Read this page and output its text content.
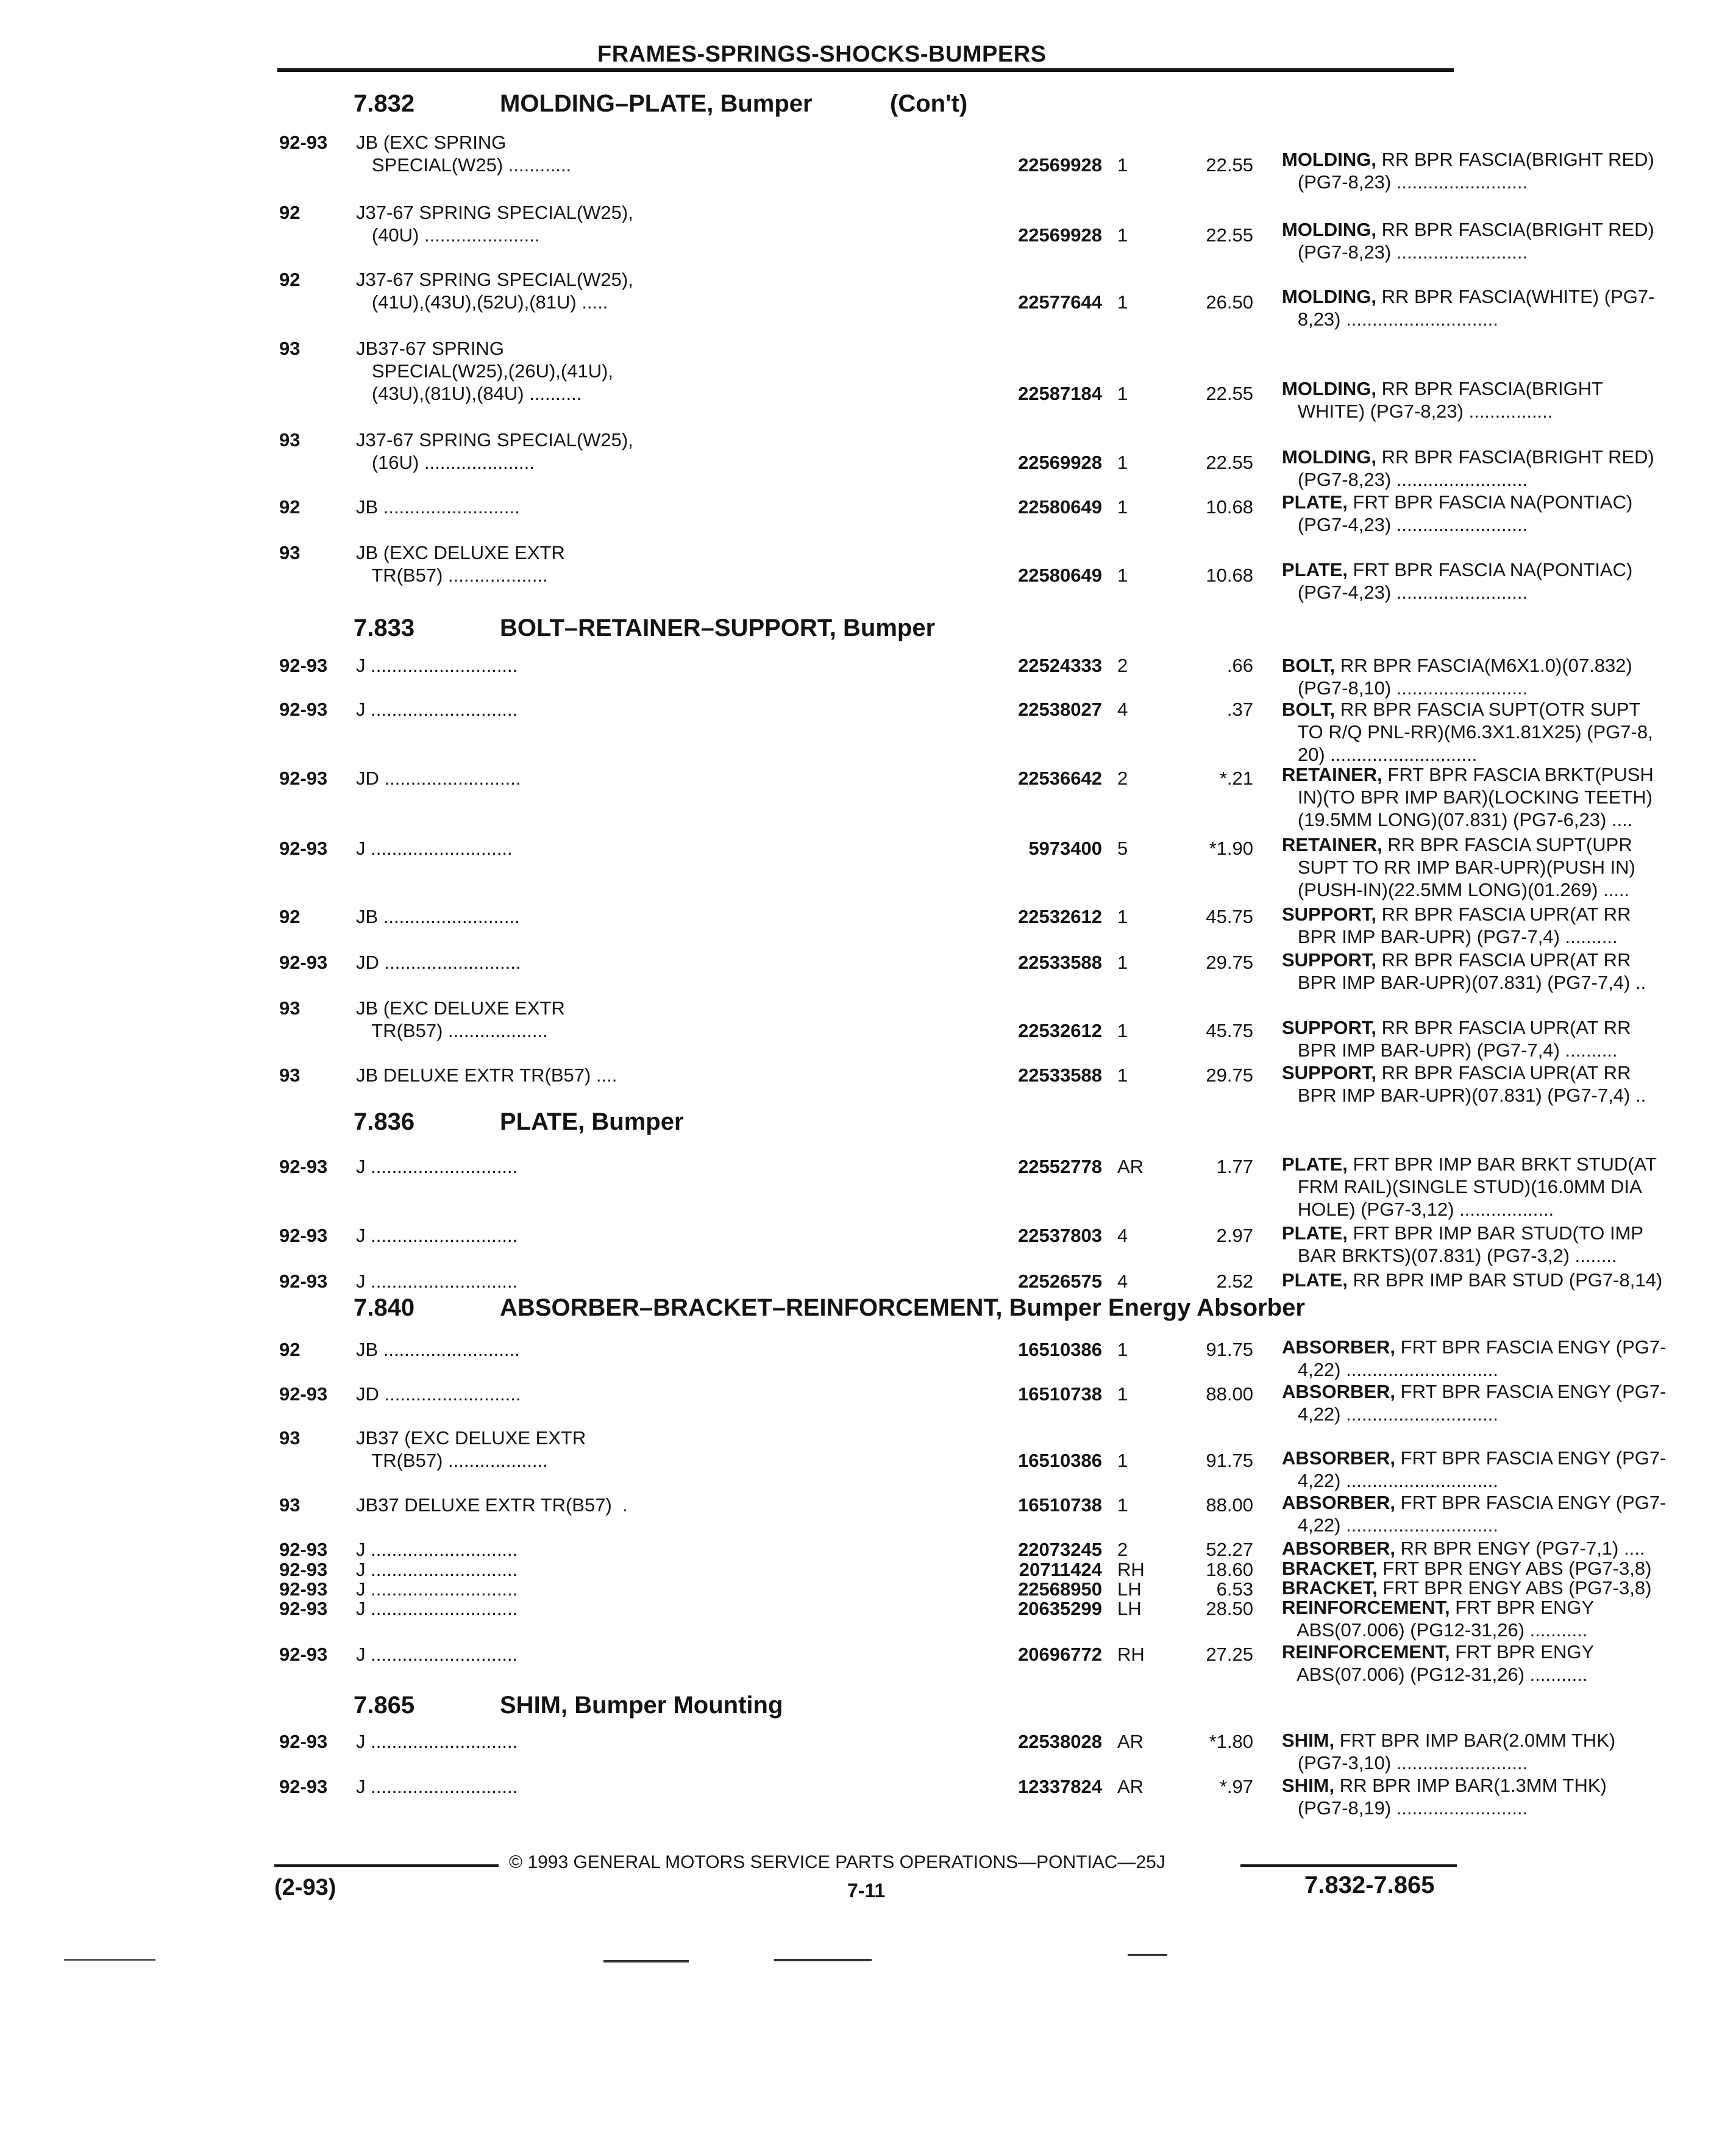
FRAMES-SPRINGS-SHOCKS-BUMPERS
7.832	MOLDING–PLATE, Bumper	(Con't)
7.833	BOLT–RETAINER–SUPPORT, Bumper
7.836	PLATE, Bumper
7.840	ABSORBER–BRACKET–REINFORCEMENT, Bumper Energy Absorber
7.865	SHIM, Bumper Mounting
92-93	JB (EXC SPRING
SPECIAL(W25) ............	22569928 1	22.55 MOLDING, RR BPR FASCIA(BRIGHT RED)
(PG7-8,23) .........................
92	J37-67 SPRING SPECIAL(W25),
(40U) ......................	22569928 1	22.55 MOLDING, RR BPR FASCIA(BRIGHT RED)
(PG7-8,23) .........................
92	J37-67 SPRING SPECIAL(W25),
(41U),(43U),(52U),(81U) .....	22577644 1	26.50 MOLDING, RR BPR FASCIA(WHITE) (PG7-
8,23) .............................
93	JB37-67 SPRING
SPECIAL(W25),(26U),(41U),
(43U),(81U),(84U) ..........	22587184 1	22.55 MOLDING, RR BPR FASCIA(BRIGHT
WHITE) (PG7-8,23) ................
93	J37-67 SPRING SPECIAL(W25),
(16U) .....................	22569928 1	22.55 MOLDING, RR BPR FASCIA(BRIGHT RED)
(PG7-8,23) .........................
92	JB ..........................	22580649 1	10.68 PLATE, FRT BPR FASCIA NA(PONTIAC)
(PG7-4,23) .........................
93	JB (EXC DELUXE EXTR
TR(B57) ...................	22580649 1	10.68 PLATE, FRT BPR FASCIA NA(PONTIAC)
(PG7-4,23) .........................
92-93	J ............................	22524333 2	.66 BOLT, RR BPR FASCIA(M6X1.0)(07.832)
(PG7-8,10) .........................
92-93	J ............................	22538027 4	.37 BOLT, RR BPR FASCIA SUPT(OTR SUPT
TO R/Q PNL-RR)(M6.3X1.81X25) (PG7-8,
20) ............................
92-93	JD ..........................	22536642 2	*.21 RETAINER, FRT BPR FASCIA BRKT(PUSH
IN)(TO BPR IMP BAR)(LOCKING TEETH)
(19.5MM LONG)(07.831) (PG7-6,23) ....
92-93	J ...........................	5973400 5	*1.90 RETAINER, RR BPR FASCIA SUPT(UPR
SUPT TO RR IMP BAR-UPR)(PUSH IN)
(PUSH-IN)(22.5MM LONG)(01.269) .....
92	JB ..........................	22532612 1	45.75 SUPPORT, RR BPR FASCIA UPR(AT RR
BPR IMP BAR-UPR) (PG7-7,4) ..........
92-93	JD ..........................	22533588 1	29.75 SUPPORT, RR BPR FASCIA UPR(AT RR
BPR IMP BAR-UPR)(07.831) (PG7-7,4) ..
93	JB (EXC DELUXE EXTR
TR(B57) ...................	22532612 1	45.75 SUPPORT, RR BPR FASCIA UPR(AT RR
BPR IMP BAR-UPR) (PG7-7,4) ..........
93	JB DELUXE EXTR TR(B57) ....	22533588 1	29.75 SUPPORT, RR BPR FASCIA UPR(AT RR
BPR IMP BAR-UPR)(07.831) (PG7-7,4) ..
92-93	J ............................	22552778 AR	1.77 PLATE, FRT BPR IMP BAR BRKT STUD(AT
FRM RAIL)(SINGLE STUD)(16.0MM DIA
HOLE) (PG7-3,12) ..................
92-93	J ............................	22537803 4	2.97 PLATE, FRT BPR IMP BAR STUD(TO IMP
BAR BRKTS)(07.831) (PG7-3,2) ........
92-93	J ............................	22526575 4	2.52 PLATE, RR BPR IMP BAR STUD (PG7-8,14)
92	JB ..........................	16510386 1	91.75 ABSORBER, FRT BPR FASCIA ENGY (PG7-
4,22) .............................
92-93	JD ..........................	16510738 1	88.00 ABSORBER, FRT BPR FASCIA ENGY (PG7-
4,22) .............................
93	JB37 (EXC DELUXE EXTR
TR(B57) ...................	16510386 1	91.75 ABSORBER, FRT BPR FASCIA ENGY (PG7-
4,22) .............................
93	JB37 DELUXE EXTR TR(B57)  .	16510738 1	88.00 ABSORBER, FRT BPR FASCIA ENGY (PG7-
4,22) .............................
92-93	J ............................	22073245 2	52.27 ABSORBER, RR BPR ENGY (PG7-7,1) ....
92-93	J ............................	20711424 RH	18.60 BRACKET, FRT BPR ENGY ABS (PG7-3,8)
92-93	J ............................	22568950 LH	6.53 BRACKET, FRT BPR ENGY ABS (PG7-3,8)
92-93	J ............................	20635299 LH	28.50 REINFORCEMENT, FRT BPR ENGY
ABS(07.006) (PG12-31,26) ...........
92-93	J ............................	20696772 RH	27.25 REINFORCEMENT, FRT BPR ENGY
ABS(07.006) (PG12-31,26) ...........
92-93	J ............................	22538028 AR	*1.80 SHIM, FRT BPR IMP BAR(2.0MM THK)
(PG7-3,10) .........................
92-93	J ............................	12337824 AR	*.97 SHIM, RR BPR IMP BAR(1.3MM THK)
(PG7-8,19) .........................
© 1993 GENERAL MOTORS SERVICE PARTS OPERATIONS—PONTIAC—25J
(2-93)	7-11	7.832-7.865
